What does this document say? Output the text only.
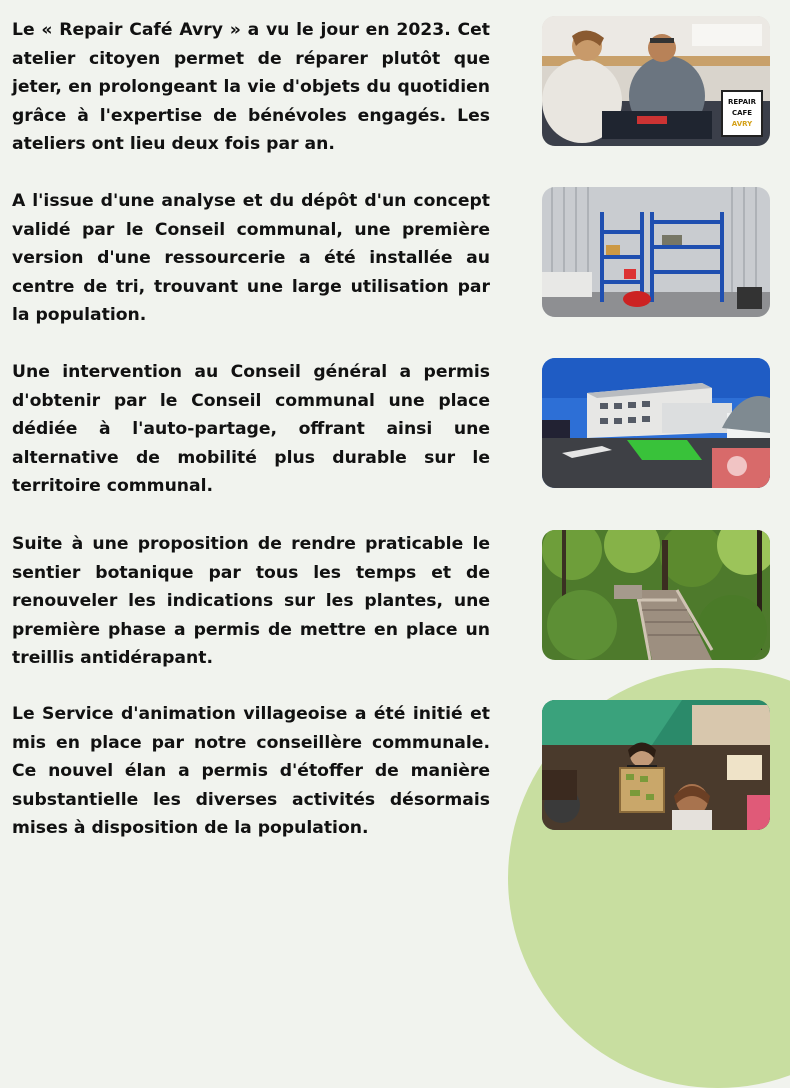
Le « Repair Café Avry » a vu le jour en 2023. Cet atelier citoyen permet de réparer plutôt que jeter, en prolongeant la vie d'objets du quotidien grâce à l'expertise de bénévoles engagés. Les ateliers ont lieu deux fois par an.

REPAIR
CAFE
AVRY

A l'issue d'une analyse et du dépôt d'un concept validé par le Conseil communal, une première version d'une ressourcerie a été installée au centre de tri, trouvant une large utilisation par la population.

Une intervention au Conseil général a permis d'obtenir par le Conseil communal une place dédiée à l'auto-partage, offrant ainsi une alternative de mobilité plus durable sur le territoire communal.

Suite à une proposition de rendre praticable le sentier botanique par tous les temps et de renouveler les indications sur les plantes, une première phase a permis de mettre en place un treillis antidérapant.

Le Service d'animation villageoise a été initié et mis en place par notre conseillère communale. Ce nouvel élan a permis d'étoffer de manière substantielle les diverses activités désormais mises à disposition de la population.
